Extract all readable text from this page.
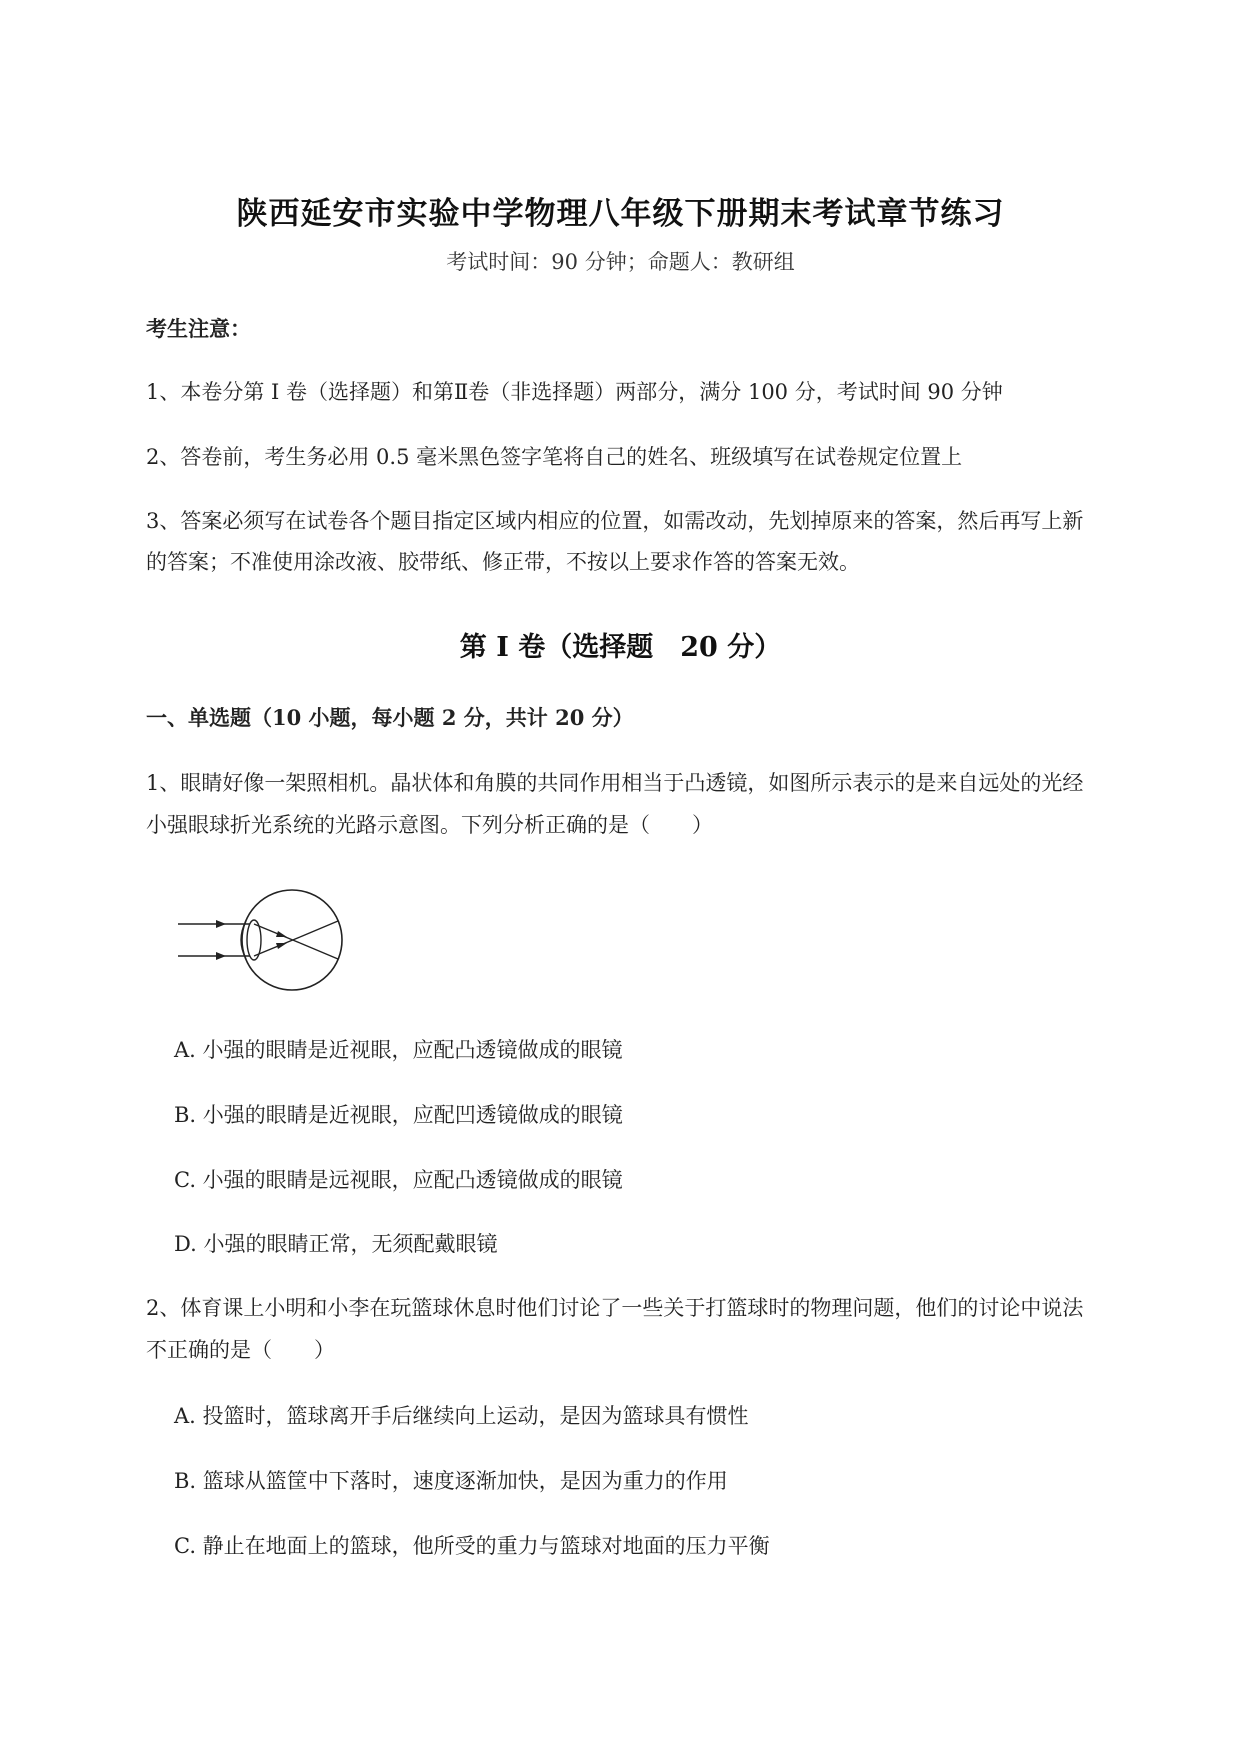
陕西延安市实验中学物理八年级下册期末考试章节练习
考试时间：90 分钟；命题人：教研组
考生注意：
1、本卷分第 I 卷（选择题）和第Ⅱ卷（非选择题）两部分，满分 100 分，考试时间 90 分钟
2、答卷前，考生务必用 0.5 毫米黑色签字笔将自己的姓名、班级填写在试卷规定位置上
3、答案必须写在试卷各个题目指定区域内相应的位置，如需改动，先划掉原来的答案，然后再写上新
的答案；不准使用涂改液、胶带纸、修正带，不按以上要求作答的答案无效。
第 I 卷（选择题　20 分）
一、单选题（10 小题，每小题 2 分，共计 20 分）
1、眼睛好像一架照相机。晶状体和角膜的共同作用相当于凸透镜，如图所示表示的是来自远处的光经
小强眼球折光系统的光路示意图。下列分析正确的是（　　）
A. 小强的眼睛是近视眼，应配凸透镜做成的眼镜
B. 小强的眼睛是近视眼，应配凹透镜做成的眼镜
C. 小强的眼睛是远视眼，应配凸透镜做成的眼镜
D. 小强的眼睛正常，无须配戴眼镜
2、体育课上小明和小李在玩篮球休息时他们讨论了一些关于打篮球时的物理问题，他们的讨论中说法
不正确的是（　　）
A. 投篮时，篮球离开手后继续向上运动，是因为篮球具有惯性
B. 篮球从篮筐中下落时，速度逐渐加快，是因为重力的作用
C. 静止在地面上的篮球，他所受的重力与篮球对地面的压力平衡
